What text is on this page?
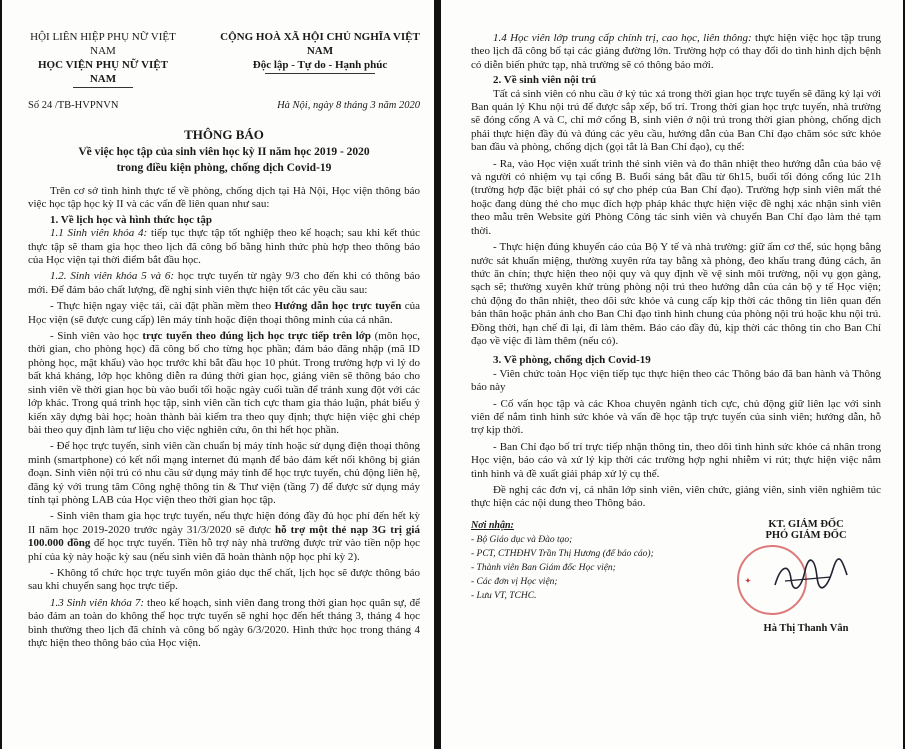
HỘI LIÊN HIỆP PHỤ NỮ VIỆT NAM
HỌC VIỆN PHỤ NỮ VIỆT NAM
CỘNG HOÀ XÃ HỘI CHỦ NGHĨA VIỆT NAM
Độc lập - Tự do - Hạnh phúc
Số 24 /TB-HVPNVN	Hà Nội, ngày 8 tháng 3 năm 2020
THÔNG BÁO
Về việc học tập của sinh viên học kỳ II năm học 2019 - 2020
trong điều kiện phòng, chống dịch Covid-19

Trên cơ sở tình hình thực tế về phòng, chống dịch tại Hà Nội, Học viện thông báo việc học tập học kỳ II và các vấn đề liên quan như sau:

1. Về lịch học và hình thức học tập

1.1 Sinh viên khóa 4: tiếp tục thực tập tốt nghiệp theo kế hoạch; sau khi kết thúc thực tập sẽ tham gia học theo lịch đã công bố bằng hình thức phù hợp theo thông báo của Học viện tại thời điểm bắt đầu học.

1.2. Sinh viên khóa 5 và 6: học trực tuyến từ ngày 9/3 cho đến khi có thông báo mới. Để đảm bảo chất lượng, đề nghị sinh viên thực hiện tốt các yêu cầu sau:

- Thực hiện ngay việc tải, cài đặt phần mềm theo Hướng dẫn học trực tuyến của Học viện (sẽ được cung cấp) lên máy tính hoặc điện thoại thông minh của cá nhân.

- Sinh viên vào học trực tuyến theo đúng lịch học trực tiếp trên lớp (môn học, thời gian, cho phòng học) đã công bố cho từng học phần; đảm bảo đăng nhập (mã ID phòng học, mật khẩu) vào học trước khi bắt đầu học 10 phút. Trong trường hợp vì lý do bất khả kháng, lớp học không diễn ra đúng thời gian học, giảng viên sẽ thông báo cho sinh viên về thời gian học bù vào buổi tối hoặc ngày cuối tuần để tránh xung đột với các lớp khác. Trong quá trình học tập, sinh viên cần tích cực tham gia thảo luận, phát biểu ý kiến xây dựng bài học; hoàn thành bài kiểm tra theo quy định; thực hiện việc ghi chép bài theo quy định làm tư liệu cho việc nghiên cứu, ôn thi hết học phần.

- Để học trực tuyến, sinh viên cần chuẩn bị máy tính hoặc sử dụng điện thoại thông minh (smartphone) có kết nối mạng internet đủ mạnh để bảo đảm kết nối không bị gián đoạn. Sinh viên nội trú có nhu cầu sử dụng máy tính để học trực tuyến, chủ động liên hệ, đăng ký với trung tâm Công nghệ thông tin & Thư viện (tầng 7) để được sử dụng máy tính tại phòng LAB của Học viện theo thời gian học tập.

- Sinh viên tham gia học trực tuyến, nếu thực hiện đóng đầy đủ học phí đến hết kỳ II năm học 2019-2020 trước ngày 31/3/2020 sẽ được hỗ trợ một thẻ nạp 3G trị giá 100.000 đồng để học trực tuyến. Tiền hỗ trợ này nhà trường được trừ vào tiền nộp học phí của kỳ này hoặc kỳ sau (nếu sinh viên đã hoàn thành nộp học phí kỳ 2).

- Không tổ chức học trực tuyến môn giáo dục thể chất, lịch học sẽ được thông báo sau khi chuyển sang học trực tiếp.

1.3 Sinh viên khóa 7: theo kế hoạch, sinh viên đang trong thời gian học quân sự, để bảo đảm an toàn do không thể học trực tuyến sẽ nghỉ học đến hết tháng 3, tháng 4 học bình thường theo lịch đã chỉnh và công bố ngày 6/3/2020. Hình thức học trong tháng 4 thực hiện theo thông báo của Học viện.

1.4 Học viên lớp trung cấp chính trị, cao học, liên thông: thực hiện việc học tập trung theo lịch đã công bố tại các giảng đường lớn. Trường hợp có thay đổi do tình hình dịch bệnh có diễn biến phức tạp, nhà trường sẽ có thông báo mới.

2. Về sinh viên nội trú

Tất cả sinh viên có nhu cầu ở ký túc xá trong thời gian học trực tuyến sẽ đăng ký lại với Ban quản lý Khu nội trú để được sắp xếp, bố trí. Trong thời gian học trực tuyến, nhà trường sẽ đóng cổng A và C, chỉ mở cổng B, sinh viên ở nội trú trong thời gian phòng, chống dịch phải thực hiện đầy đủ và đúng các yêu cầu, hướng dẫn của Ban Chỉ đạo chăm sóc sức khỏe ban đầu và phòng, chống dịch (gọi tắt là Ban Chỉ đạo), cụ thể:

- Ra, vào Học viện xuất trình thẻ sinh viên và đo thân nhiệt theo hướng dẫn của bảo vệ và người có nhiệm vụ tại cổng B. Buổi sáng bắt đầu từ 6h15, buổi tối đóng cổng lúc 21h (trường hợp đặc biệt phải có sự cho phép của Ban Chỉ đạo). Trường hợp sinh viên mất thẻ hoặc đang dùng thẻ cho mục đích hợp pháp khác thực hiện việc đề nghị xác nhận sinh viên theo mẫu trên Website gửi Phòng Công tác sinh viên và chuyển Ban Chỉ đạo làm thẻ tạm thời.

- Thực hiện đúng khuyến cáo của Bộ Y tế và nhà trường: giữ ấm cơ thể, súc họng bằng nước sát khuẩn miệng, thường xuyên rửa tay bằng xà phòng, đeo khẩu trang đúng cách, ăn thức ăn chín; thực hiện theo nội quy và quy định về vệ sinh môi trường, nội vụ gọn gàng, sạch sẽ; thường xuyên khử trùng phòng nội trú theo hướng dẫn của cán bộ y tế Học viện; chủ động đo thân nhiệt, theo dõi sức khỏe và cung cấp kịp thời các thông tin liên quan đến bản thân hoặc phản ánh cho Ban Chỉ đạo tình hình chung của phòng nội trú hoặc khu nội trú. Đồng thời, hạn chế đi lại, đi làm thêm. Báo cáo đầy đủ, kịp thời các thông tin cho Ban Chỉ đạo về việc đi làm thêm (nếu có).

3. Về phòng, chống dịch Covid-19

- Viên chức toàn Học viện tiếp tục thực hiện theo các Thông báo đã ban hành và Thông báo này

- Cố vấn học tập và các Khoa chuyên ngành tích cực, chủ động giữ liên lạc với sinh viên để nắm tình hình sức khỏe và vấn đề học tập trực tuyến của sinh viên; hướng dẫn, hỗ trợ kịp thời.

- Ban Chỉ đạo bố trí trực tiếp nhận thông tin, theo dõi tình hình sức khỏe cá nhân trong Học viện, báo cáo và xử lý kịp thời các trường hợp nghi nhiễm vi rút; thực hiện việc nắm tình hình và đề xuất giải pháp xử lý cụ thể.

Đề nghị các đơn vị, cá nhân lớp sinh viên, viên chức, giảng viên, sinh viên nghiêm túc thực hiện các nội dung theo Thông báo.

Nơi nhận:
- Bộ Giáo dục và Đào tạo;
- PCT, CTHĐHV Trần Thị Hương (để báo cáo);
- Thành viên Ban Giám đốc Học viện;
- Các đơn vị Học viện;
- Lưu VT, TCHC.
KT. GIÁM ĐỐC
PHÓ GIÁM ĐỐC
✦
Hà Thị Thanh Vân
